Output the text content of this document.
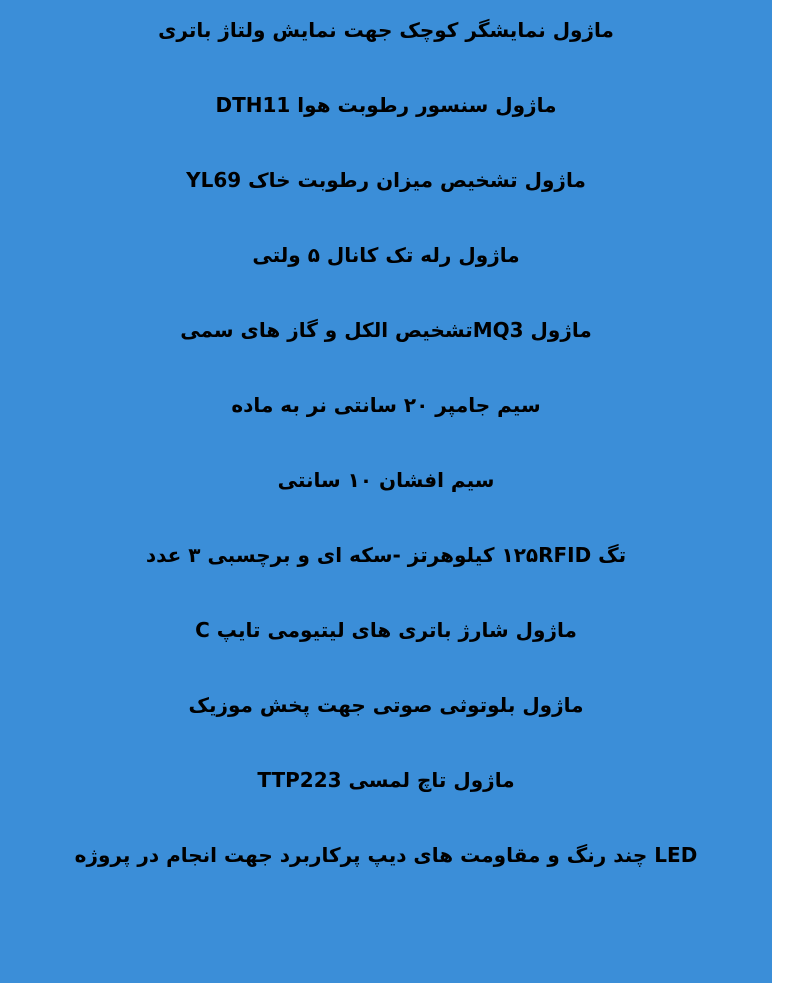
ماژول نمایشگر کوچک جهت نمایش ولتاژ باتری
ماژول سنسور رطوبت هوا DTH11
ماژول تشخیص میزان رطوبت خاک YL69
ماژول رله تک کانال ۵ ولتی
ماژول MQ3تشخیص الکل و گاز های سمی
سیم جامپر ۲۰ سانتی نر به ماده
سیم افشان ۱۰ سانتی
تگ ۱۲۵RFID کیلوهرتز -سکه ای و برچسبی ۳ عدد
ماژول شارژ باتری های لیتیومی تایپ C
ماژول بلوتوثی صوتی جهت پخش موزیک
ماژول تاچ لمسی TTP223
LED چند رنگ و مقاومت های دیپ پرکاربرد جهت انجام در پروژه
